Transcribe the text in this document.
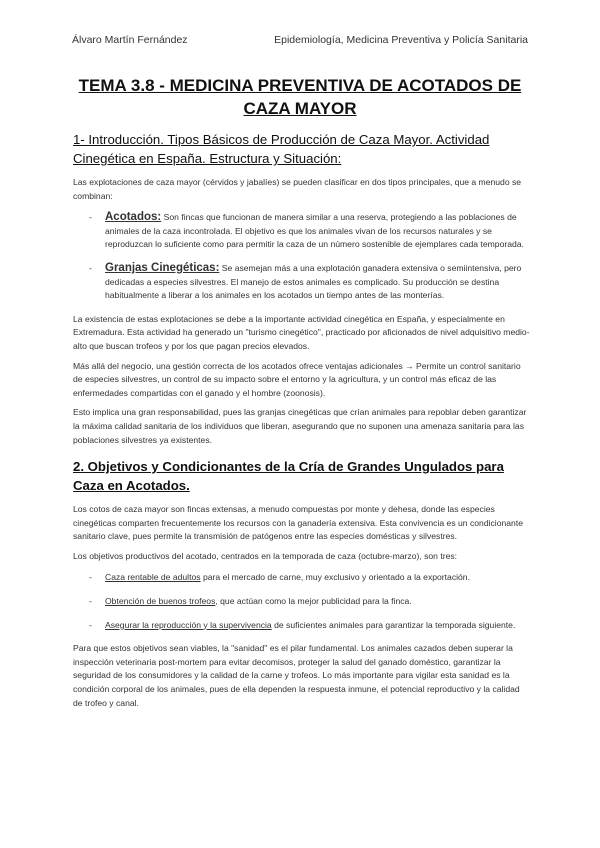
Álvaro Martín Fernández	Epidemiología, Medicina Preventiva y Policía Sanitaria
TEMA 3.8 - MEDICINA PREVENTIVA DE ACOTADOS DE CAZA MAYOR
1- Introducción. Tipos Básicos de Producción de Caza Mayor. Actividad Cinegética en España. Estructura y Situación:

Las explotaciones de caza mayor (cérvidos y jabalíes) se pueden clasificar en dos tipos principales, que a menudo se combinan:

- Acotados: Son fincas que funcionan de manera similar a una reserva, protegiendo a las poblaciones de animales de la caza incontrolada. El objetivo es que los animales vivan de los recursos naturales y se reproduzcan lo suficiente como para permitir la caza de un número sostenible de ejemplares cada temporada.
- Granjas Cinegéticas: Se asemejan más a una explotación ganadera extensiva o semiintensiva, pero dedicadas a especies silvestres. El manejo de estos animales es complicado. Su producción se destina habitualmente a liberar a los animales en los acotados un tiempo antes de las monterías.

La existencia de estas explotaciones se debe a la importante actividad cinegética en España, y especialmente en Extremadura. Esta actividad ha generado un "turismo cinegético", practicado por aficionados de nivel adquisitivo medio-alto que buscan trofeos y por los que pagan precios elevados.

Más allá del negocio, una gestión correcta de los acotados ofrece ventajas adicionales → Permite un control sanitario de especies silvestres, un control de su impacto sobre el entorno y la agricultura, y un control más eficaz de las enfermedades compartidas con el ganado y el hombre (zoonosis).

Esto implica una gran responsabilidad, pues las granjas cinegéticas que crían animales para repoblar deben garantizar la máxima calidad sanitaria de los individuos que liberan, asegurando que no suponen una amenaza sanitaria para las poblaciones silvestres ya existentes.

2. Objetivos y Condicionantes de la Cría de Grandes Ungulados para Caza en Acotados.

Los cotos de caza mayor son fincas extensas, a menudo compuestas por monte y dehesa, donde las especies cinegéticas comparten frecuentemente los recursos con la ganadería extensiva. Esta convivencia es un condicionante sanitario clave, pues permite la transmisión de patógenos entre las especies domésticas y silvestres.

Los objetivos productivos del acotado, centrados en la temporada de caza (octubre-marzo), son tres:

- Caza rentable de adultos para el mercado de carne, muy exclusivo y orientado a la exportación.
- Obtención de buenos trofeos, que actúan como la mejor publicidad para la finca.
- Asegurar la reproducción y la supervivencia de suficientes animales para garantizar la temporada siguiente.

Para que estos objetivos sean viables, la "sanidad" es el pilar fundamental. Los animales cazados deben superar la inspección veterinaria post-mortem para evitar decomisos, proteger la salud del ganado doméstico, garantizar la seguridad de los consumidores y la calidad de la carne y trofeos. Lo más importante para vigilar esta sanidad es la condición corporal de los animales, pues de ella dependen la respuesta inmune, el potencial reproductivo y la calidad de trofeo y canal.
